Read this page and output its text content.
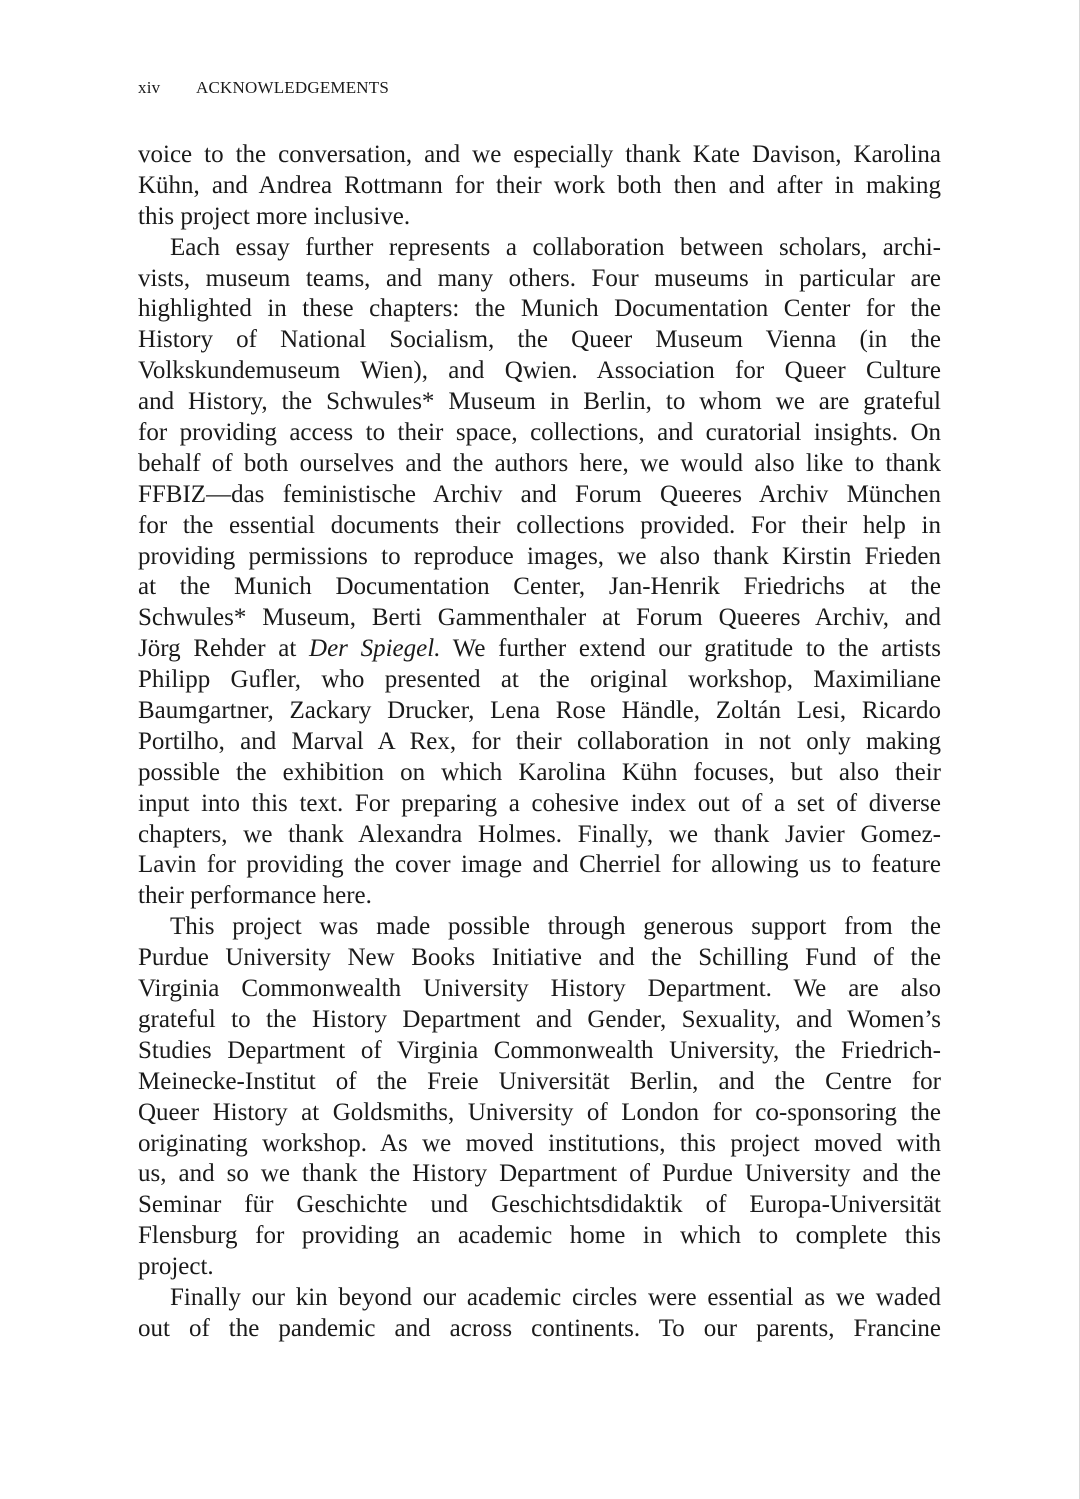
xiv ACKNOWLEDGEMENTS
voice to the conversation, and we especially thank Kate Davison, Karolina
Kühn, and Andrea Rottmann for their work both then and after in making
this project more inclusive.
Each essay further represents a collaboration between scholars, archi-
vists, museum teams, and many others. Four museums in particular are
highlighted in these chapters: the Munich Documentation Center for the
History of National Socialism, the Queer Museum Vienna (in the
Volkskundemuseum Wien), and Qwien. Association for Queer Culture
and History, the Schwules* Museum in Berlin, to whom we are grateful
for providing access to their space, collections, and curatorial insights. On
behalf of both ourselves and the authors here, we would also like to thank
FFBIZ—das feministische Archiv and Forum Queeres Archiv München
for the essential documents their collections provided. For their help in
providing permissions to reproduce images, we also thank Kirstin Frieden
at the Munich Documentation Center, Jan-Henrik Friedrichs at the
Schwules* Museum, Berti Gammenthaler at Forum Queeres Archiv, and
Jörg Rehder at Der Spiegel. We further extend our gratitude to the artists
Philipp Gufler, who presented at the original workshop, Maximiliane
Baumgartner, Zackary Drucker, Lena Rose Händle, Zoltán Lesi, Ricardo
Portilho, and Marval A Rex, for their collaboration in not only making
possible the exhibition on which Karolina Kühn focuses, but also their
input into this text. For preparing a cohesive index out of a set of diverse
chapters, we thank Alexandra Holmes. Finally, we thank Javier Gomez-
Lavin for providing the cover image and Cherriel for allowing us to feature
their performance here.
This project was made possible through generous support from the
Purdue University New Books Initiative and the Schilling Fund of the
Virginia Commonwealth University History Department. We are also
grateful to the History Department and Gender, Sexuality, and Women’s
Studies Department of Virginia Commonwealth University, the Friedrich-
Meinecke-Institut of the Freie Universität Berlin, and the Centre for
Queer History at Goldsmiths, University of London for co-sponsoring the
originating workshop. As we moved institutions, this project moved with
us, and so we thank the History Department of Purdue University and the
Seminar für Geschichte und Geschichtsdidaktik of Europa-Universität
Flensburg for providing an academic home in which to complete this
project.
Finally our kin beyond our academic circles were essential as we waded
out of the pandemic and across continents. To our parents, Francine
